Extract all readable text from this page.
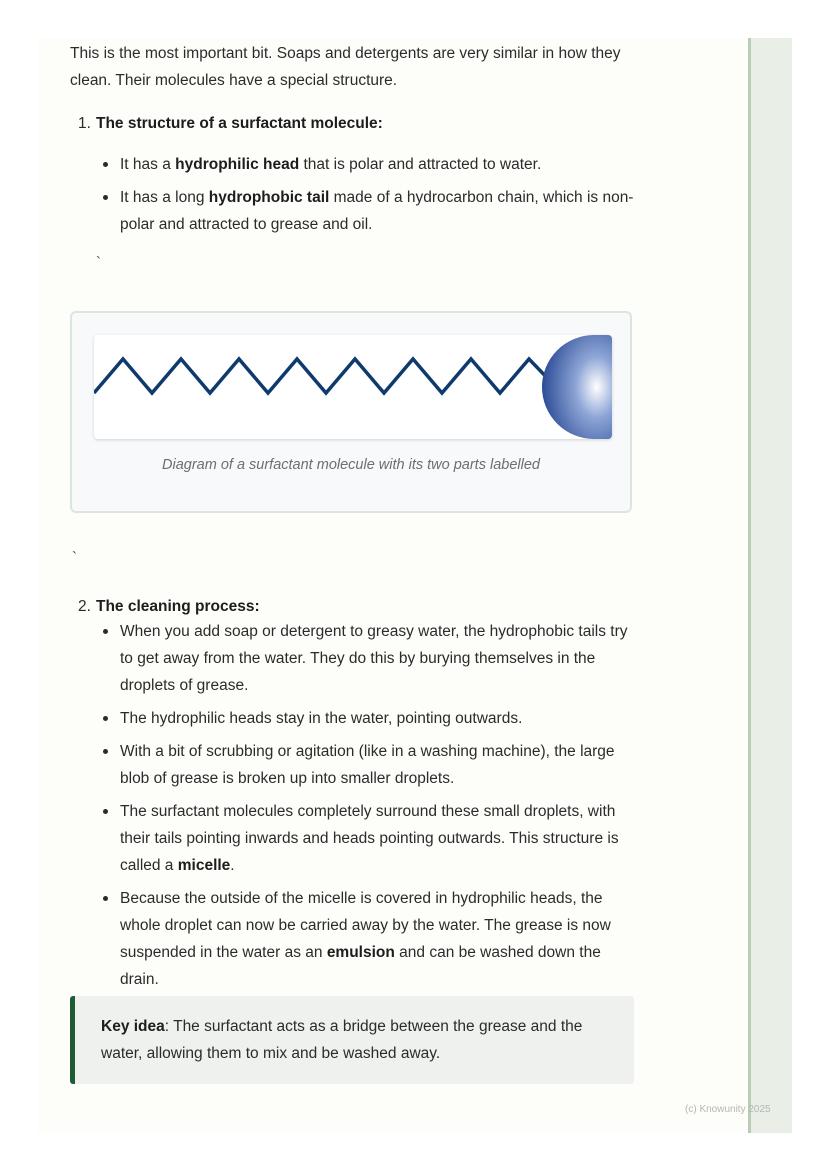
This is the most important bit. Soaps and detergents are very similar in how they clean. Their molecules have a special structure.

1. The structure of a surfactant molecule:
It has a hydrophilic head that is polar and attracted to water.
It has a long hydrophobic tail made of a hydrocarbon chain, which is non-polar and attracted to grease and oil.
`
Diagram of a surfactant molecule with its two parts labelled
`
2. The cleaning process:
When you add soap or detergent to greasy water, the hydrophobic tails try to get away from the water. They do this by burying themselves in the droplets of grease.
The hydrophilic heads stay in the water, pointing outwards.
With a bit of scrubbing or agitation (like in a washing machine), the large blob of grease is broken up into smaller droplets.
The surfactant molecules completely surround these small droplets, with their tails pointing inwards and heads pointing outwards. This structure is called a micelle.
Because the outside of the micelle is covered in hydrophilic heads, the whole droplet can now be carried away by the water. The grease is now suspended in the water as an emulsion and can be washed down the drain.
Key idea: The surfactant acts as a bridge between the grease and the water, allowing them to mix and be washed away.
(c) Knowunity 2025
